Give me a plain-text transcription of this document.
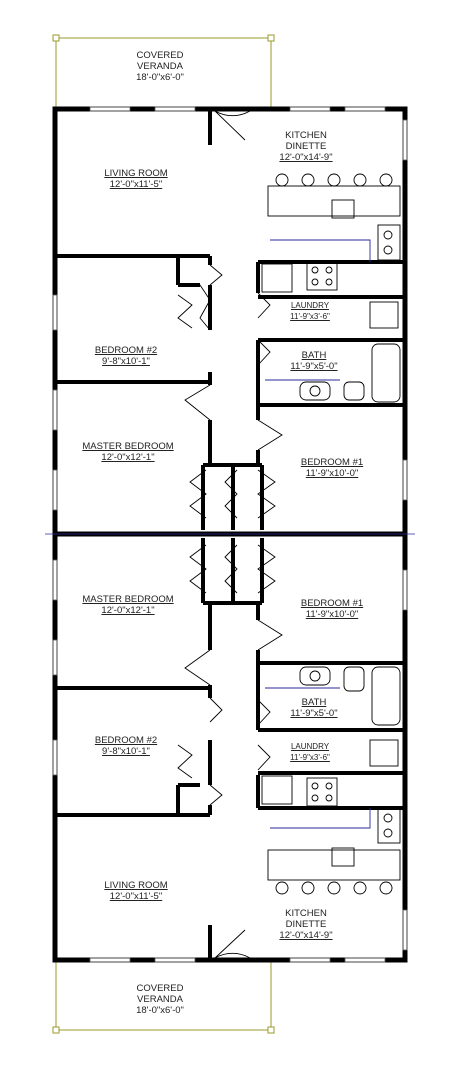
COVERED
VERANDA
18'-0"x6'-0"
LIVING ROOM
12'-0"x11'-5"
KITCHEN
DINETTE
12'-0"x14'-9"
LAUNDRY
11'-9"x3'-6"
BATH
11'-9"x5'-0"
BEDROOM #2
9'-8"x10'-1"
MASTER BEDROOM
12'-0"x12'-1"	BEDROOM #1
11'-9"x10'-0"
MASTER BEDROOM
12'-0"x12'-1"
BEDROOM #1
11'-9"x10'-0"
BATH
11'-9"x5'-0"
LAUNDRY
11'-9"x3'-6"
BEDROOM #2
9'-8"x10'-1"
LIVING ROOM
12'-0"x11'-5"
KITCHEN
DINETTE
12'-0"x14'-9"
COVERED
VERANDA
18'-0"x6'-0"
